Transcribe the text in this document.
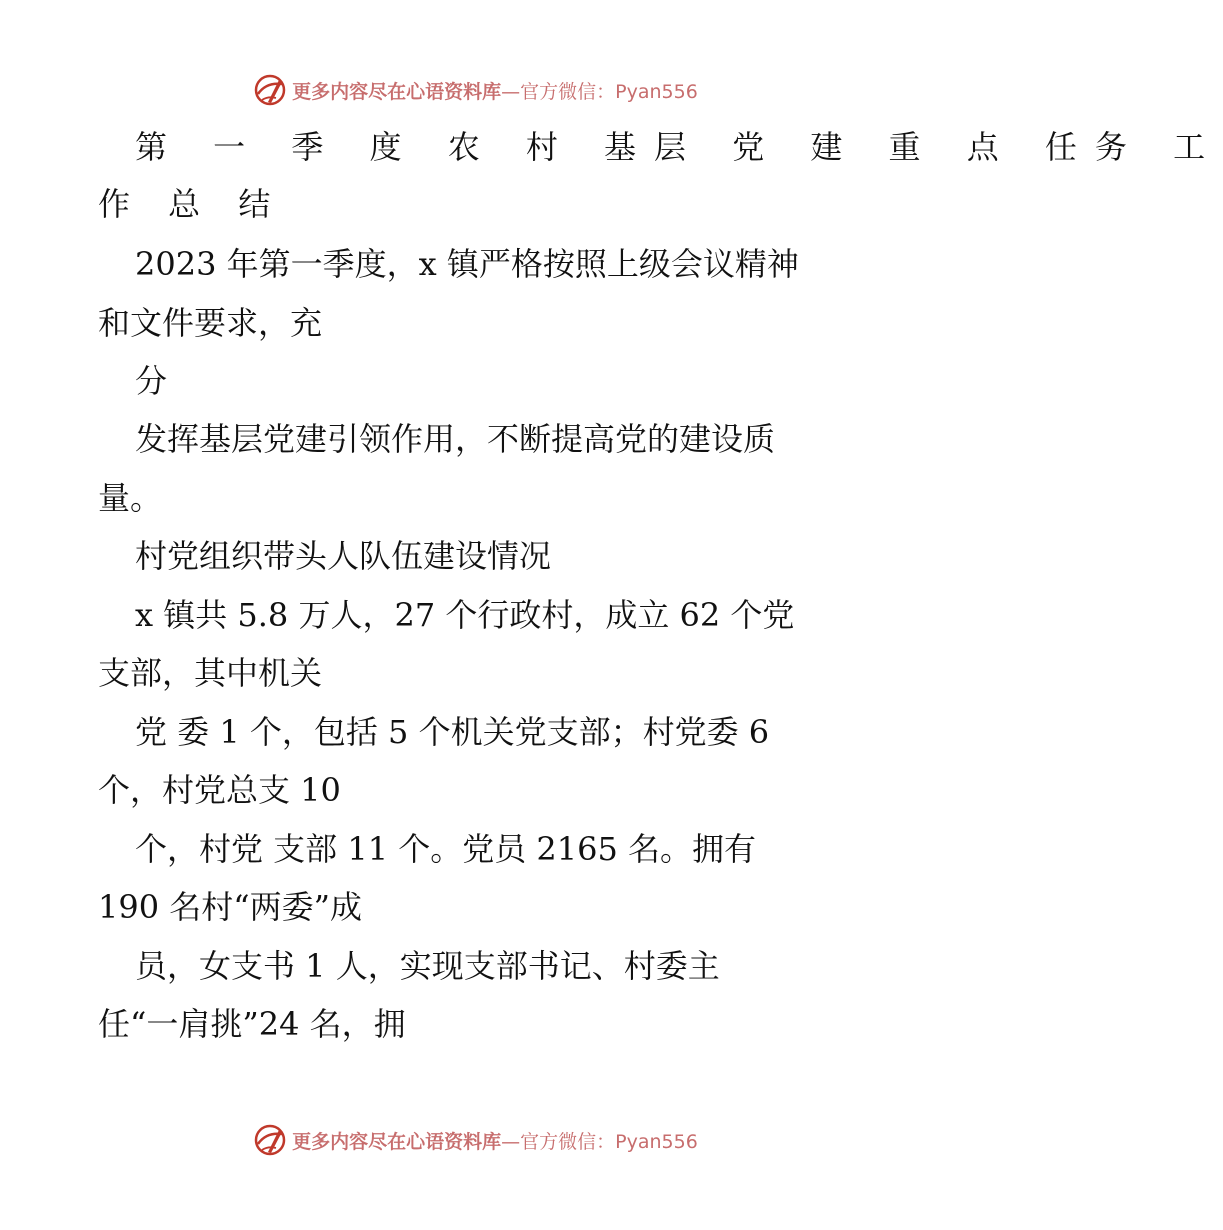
更多内容尽在心语资料库 —官方微信：Pyan556
第 一 季 度 农 村 基层 党 建 重 点 任务 工
作 总 结
2023 年第一季度，x 镇严格按照上级会议精神
和文件要求，充
分
发挥基层党建引领作用，不断提高党的建设质
量。
村党组织带头人队伍建设情况
x 镇共 5.8 万人，27 个行政村，成立 62 个党
支部，其中机关
党 委 1 个，包括 5 个机关党支部；村党委 6
个，村党总支 10
个，村党 支部 11 个。党员 2165 名。拥有
190 名村“两委”成
员，女支书 1 人，实现支部书记、村委主
任“一肩挑”24 名，拥
更多内容尽在心语资料库 —官方微信：Pyan556
